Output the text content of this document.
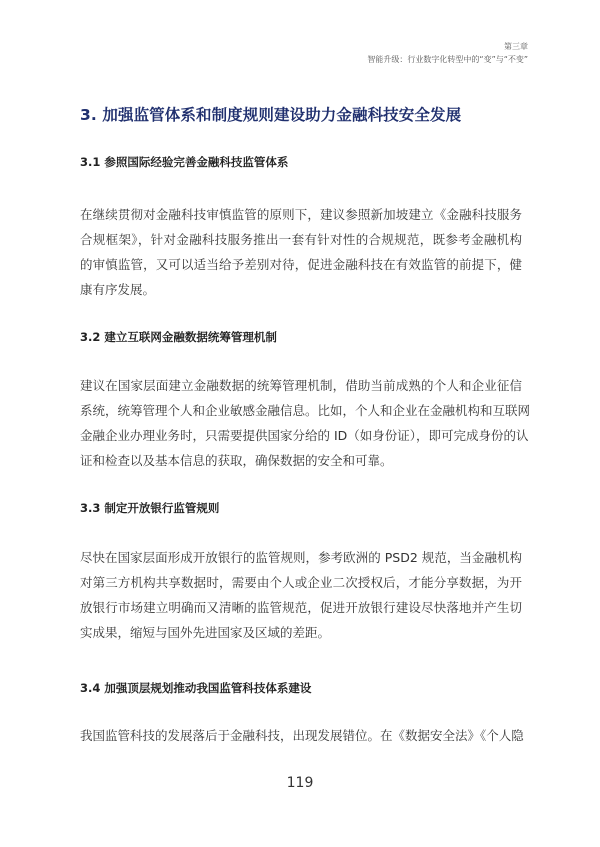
第三章
智能升级：行业数字化转型中的“变”与“不变”
3. 加强监管体系和制度规则建设助力金融科技安全发展
3.1 参照国际经验完善金融科技监管体系
在继续贯彻对金融科技审慎监管的原则下，建议参照新加坡建立《金融科技服务
合规框架》，针对金融科技服务推出一套有针对性的合规规范，既参考金融机构
的审慎监管，又可以适当给予差别对待，促进金融科技在有效监管的前提下，健
康有序发展。
3.2 建立互联网金融数据统筹管理机制
建议在国家层面建立金融数据的统筹管理机制，借助当前成熟的个人和企业征信
系统，统筹管理个人和企业敏感金融信息。比如，个人和企业在金融机构和互联网
金融企业办理业务时，只需要提供国家分给的 ID（如身份证），即可完成身份的认
证和检查以及基本信息的获取，确保数据的安全和可靠。
3.3 制定开放银行监管规则
尽快在国家层面形成开放银行的监管规则，参考欧洲的 PSD2 规范，当金融机构
对第三方机构共享数据时，需要由个人或企业二次授权后，才能分享数据，为开
放银行市场建立明确而又清晰的监管规范，促进开放银行建设尽快落地并产生切
实成果，缩短与国外先进国家及区域的差距。
3.4 加强顶层规划推动我国监管科技体系建设
我国监管科技的发展落后于金融科技，出现发展错位。在《数据安全法》《个人隐
119
